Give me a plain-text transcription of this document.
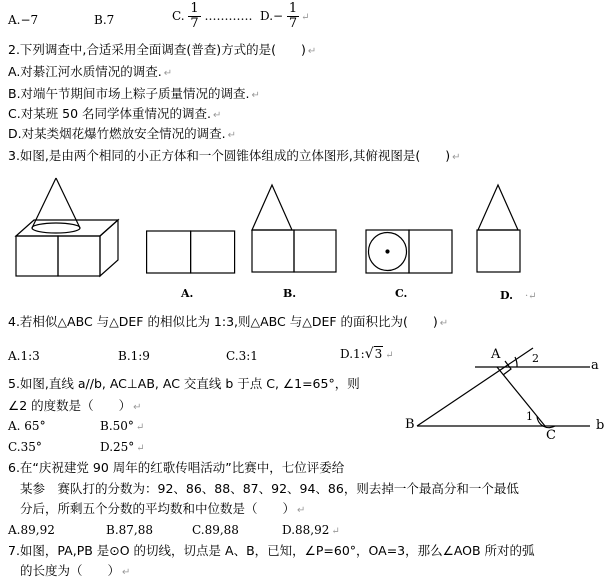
A.−7	B.7	C. $\frac{1}{7}$ ………… $D.- \frac{1}{7}$ ↵
2.下列调查中,合适采用全面调查(普查)方式的是(　　) ↵
A.对綦江河水质情况的调查. ↵
B.对端午节期间市场上粽子质量情况的调查. ↵
C.对某班 50 名同学体重情况的调查. ↵
D.对某类烟花爆竹燃放安全情况的调查. ↵
3.如图,是由两个相同的小正方体和一个圆锥体组成的立体图形,其俯视图是(　　) ↵
A.	B.	C.	D.　·↵
4.若相似△ABC 与△DEF 的相似比为 1:3,则△ABC 与△DEF 的面积比为(　　) ↵
A.1:3	B.1:9	C.3:1	D.1:√3 ↵
5.如图,直线 a//b, AC⊥AB, AC 交直线 b 于点 C, ∠1=65°，则
∠2 的度数是（　　） ↵
A. 65°	B.50° ↵
C.35°	D.25° ↵
A	2	a
1
B	b
C
6.在“庆祝建党 90 周年的红歌传唱活动”比赛中，七位评委给
某参　赛队打的分数为：92、86、88、87、92、94、86，则去掉一个最高分和一个最低
分后，所剩五个分数的平均数和中位数是（　　） ↵
A.89,92	B.87,88	C.89,88	D.88,92 ↵
7.如图，PA,PB 是⊙O 的切线，切点是 A、B，已知，∠P=60°，OA=3，那么∠AOB 所对的弧
的长度为（　　） ↵
